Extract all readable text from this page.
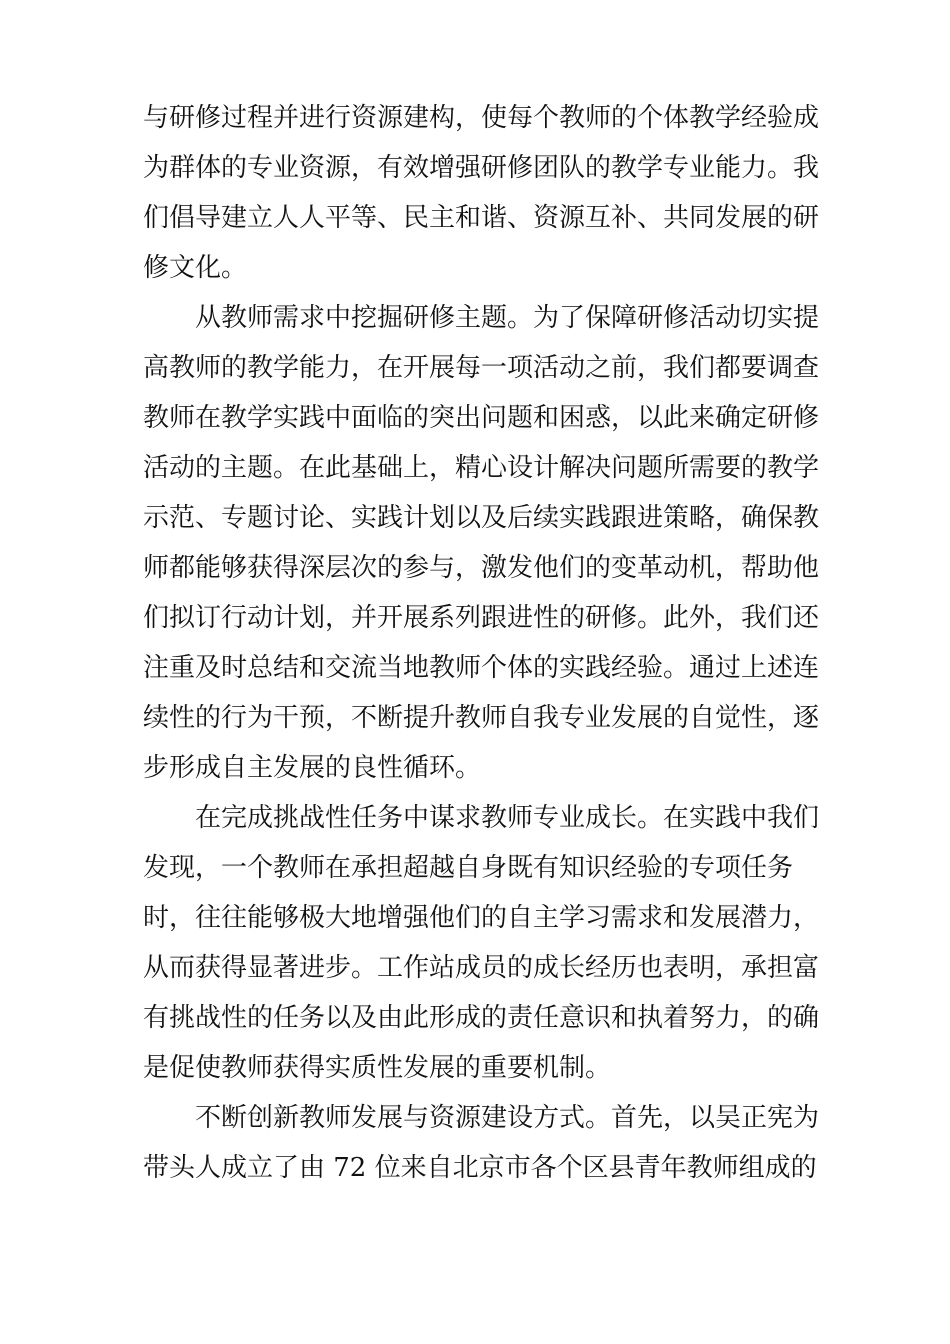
与研修过程并进行资源建构，使每个教师的个体教学经验成
为群体的专业资源，有效增强研修团队的教学专业能力。我
们倡导建立人人平等、民主和谐、资源互补、共同发展的研
修文化。
从教师需求中挖掘研修主题。为了保障研修活动切实提
高教师的教学能力，在开展每一项活动之前，我们都要调查
教师在教学实践中面临的突出问题和困惑，以此来确定研修
活动的主题。在此基础上，精心设计解决问题所需要的教学
示范、专题讨论、实践计划以及后续实践跟进策略，确保教
师都能够获得深层次的参与，激发他们的变革动机，帮助他
们拟订行动计划，并开展系列跟进性的研修。此外，我们还
注重及时总结和交流当地教师个体的实践经验。通过上述连
续性的行为干预，不断提升教师自我专业发展的自觉性，逐
步形成自主发展的良性循环。
在完成挑战性任务中谋求教师专业成长。在实践中我们
发现，一个教师在承担超越自身既有知识经验的专项任务
时，往往能够极大地增强他们的自主学习需求和发展潜力，
从而获得显著进步。工作站成员的成长经历也表明，承担富
有挑战性的任务以及由此形成的责任意识和执着努力，的确
是促使教师获得实质性发展的重要机制。
不断创新教师发展与资源建设方式。首先，以吴正宪为
带头人成立了由 72 位来自北京市各个区县青年教师组成的
